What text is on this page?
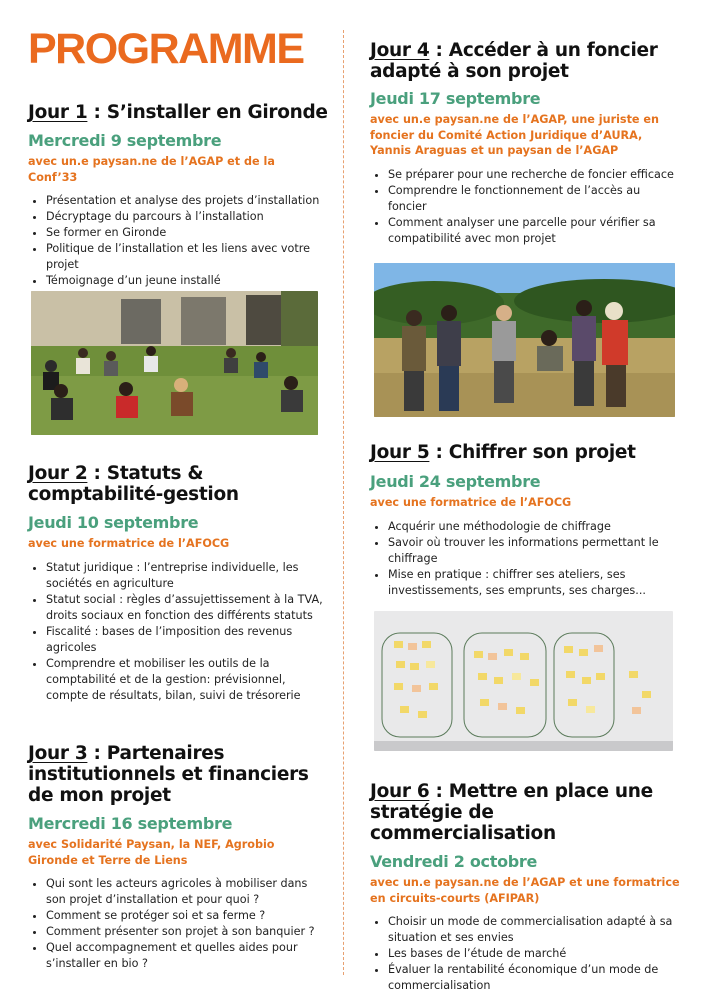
PROGRAMME
Jour 1 : S’installer en Gironde
Mercredi 9 septembre
avec un.e paysan.ne de l’AGAP et de la Conf’33
• Présentation et analyse des projets d’installation
• Décryptage du parcours à l’installation
• Se former en Gironde
• Politique de l’installation et les liens avec votre projet
• Témoignage d’un jeune installé
Jour 2 : Statuts & comptabilité-gestion
Jeudi 10 septembre
avec une formatrice de l’AFOCG
• Statut juridique : l’entreprise individuelle, les sociétés en agriculture
• Statut social : règles d’assujettissement à la TVA, droits sociaux en fonction des différents statuts
• Fiscalité : bases de l’imposition des revenus agricoles
• Comprendre et mobiliser les outils de la comptabilité et de la gestion: prévisionnel, compte de résultats, bilan, suivi de trésorerie
Jour 3 : Partenaires institutionnels et financiers de mon projet
Mercredi 16 septembre
avec Solidarité Paysan, la NEF, Agrobio Gironde et Terre de Liens
• Qui sont les acteurs agricoles à mobiliser dans son projet d’installation et pour quoi ?
• Comment se protéger soi et sa ferme ?
• Comment présenter son projet à son banquier ?
• Quel accompagnement et quelles aides pour s’installer en bio ?
Jour 4 : Accéder à un foncier adapté à son projet
Jeudi 17 septembre
avec un.e paysan.ne de l’AGAP, une juriste en foncier du Comité Action Juridique d’AURA, Yannis Araguas et un paysan de l’AGAP
• Se préparer pour une recherche de foncier efficace
• Comprendre le fonctionnement de l’accès au foncier
• Comment analyser une parcelle pour vérifier sa compatibilité avec mon projet
Jour 5 : Chiffrer son projet
Jeudi 24 septembre
avec une formatrice de l’AFOCG
• Acquérir une méthodologie de chiffrage
• Savoir où trouver les informations permettant le chiffrage
• Mise en pratique : chiffrer ses ateliers, ses investissements, ses emprunts, ses charges...
Jour 6 : Mettre en place une stratégie de commercialisation
Vendredi 2 octobre
avec un.e paysan.ne de l’AGAP et une formatrice en circuits-courts (AFIPAR)
• Choisir un mode de commercialisation adapté à sa situation et ses envies
• Les bases de l’étude de marché
• Évaluer la rentabilité économique d’un mode de commercialisation
